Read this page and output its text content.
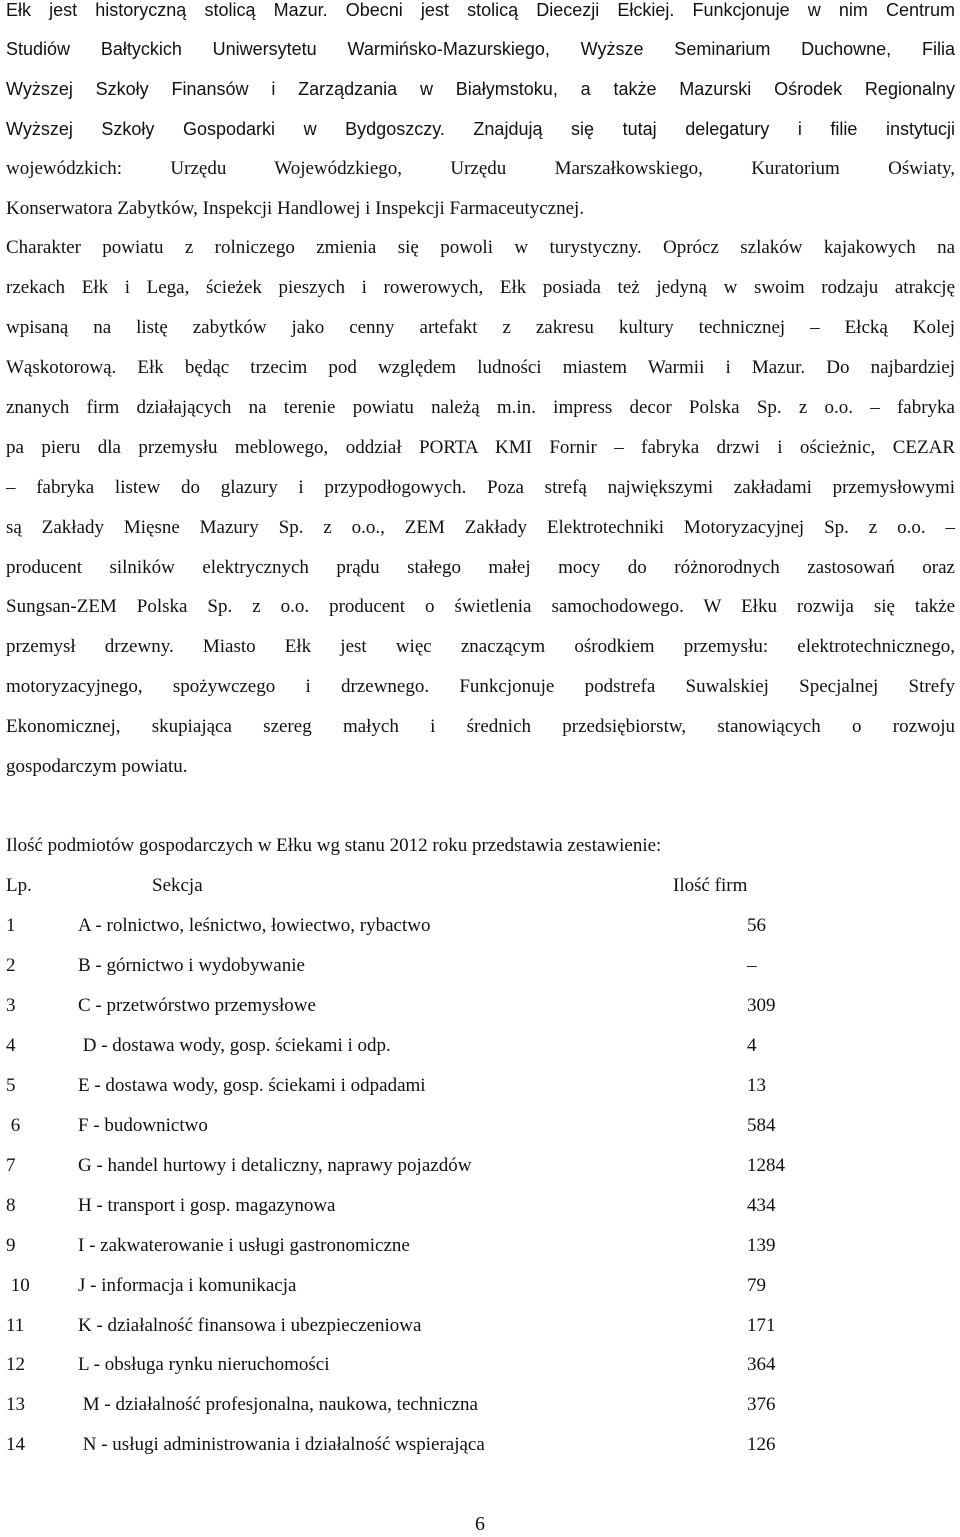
Ełk jest historyczną stolicą Mazur. Obecni jest stolicą Diecezji Ełckiej. Funkcjonuje w nim Centrum
Studiów Bałtyckich Uniwersytetu Warmińsko-Mazurskiego, Wyższe Seminarium Duchowne, Filia
Wyższej Szkoły Finansów i Zarządzania w Białymstoku, a także Mazurski Ośrodek Regionalny
Wyższej Szkoły Gospodarki w Bydgoszczy. Znajdują się tutaj delegatury i filie instytucji
wojewódzkich: Urzędu Wojewódzkiego, Urzędu Marszałkowskiego, Kuratorium Oświaty,
Konserwatora Zabytków, Inspekcji Handlowej i Inspekcji Farmaceutycznej.
Charakter powiatu z rolniczego zmienia się powoli w turystyczny. Oprócz szlaków kajakowych na
rzekach Ełk i Lega, ścieżek pieszych i rowerowych, Ełk posiada też jedyną w swoim rodzaju atrakcję
wpisaną na listę zabytków jako cenny artefakt z zakresu kultury technicznej – Ełcką Kolej
Wąskotorową. Ełk będąc trzecim pod względem ludności miastem Warmii i Mazur. Do najbardziej
znanych firm działających na terenie powiatu należą m.in. impress decor Polska Sp. z o.o. – fabryka
pa pieru dla przemysłu meblowego, oddział PORTA KMI Fornir – fabryka drzwi i ościeżnic, CEZAR
– fabryka listew do glazury i przypodłogowych. Poza strefą największymi zakładami przemysłowymi
są Zakłady Mięsne Mazury Sp. z o.o., ZEM Zakłady Elektrotechniki Motoryzacyjnej Sp. z o.o. –
producent silników elektrycznych prądu stałego małej mocy do różnorodnych zastosowań oraz
Sungsan-ZEM Polska Sp. z o.o. producent o świetlenia samochodowego. W Ełku rozwija się także
przemysł drzewny. Miasto Ełk jest więc znaczącym ośrodkiem przemysłu: elektrotechnicznego,
motoryzacyjnego, spożywczego i drzewnego. Funkcjonuje podstrefa Suwalskiej Specjalnej Strefy
Ekonomicznej, skupiająca szereg małych i średnich przedsiębiorstw, stanowiących o rozwoju
gospodarczym powiatu.
Ilość podmiotów gospodarczych w Ełku wg stanu 2012 roku przedstawia zestawienie:
Lp.	Sekcja	Ilość firm
1	A - rolnictwo, leśnictwo, łowiectwo, rybactwo	56
2	B - górnictwo i wydobywanie	–
3	C - przetwórstwo przemysłowe	309
4	D - dostawa wody, gosp. ściekami i odp.	4
5	E - dostawa wody, gosp. ściekami i odpadami	13
6	F - budownictwo	584
7	G - handel hurtowy i detaliczny, naprawy pojazdów	1284
8	H - transport i gosp. magazynowa	434
9	I - zakwaterowanie i usługi gastronomiczne	139
10	J - informacja i komunikacja	79
11	K - działalność finansowa i ubezpieczeniowa	171
12	L - obsługa rynku nieruchomości	364
13	M - działalność profesjonalna, naukowa, techniczna	376
14	N - usługi administrowania i działalność wspierająca	126
6
